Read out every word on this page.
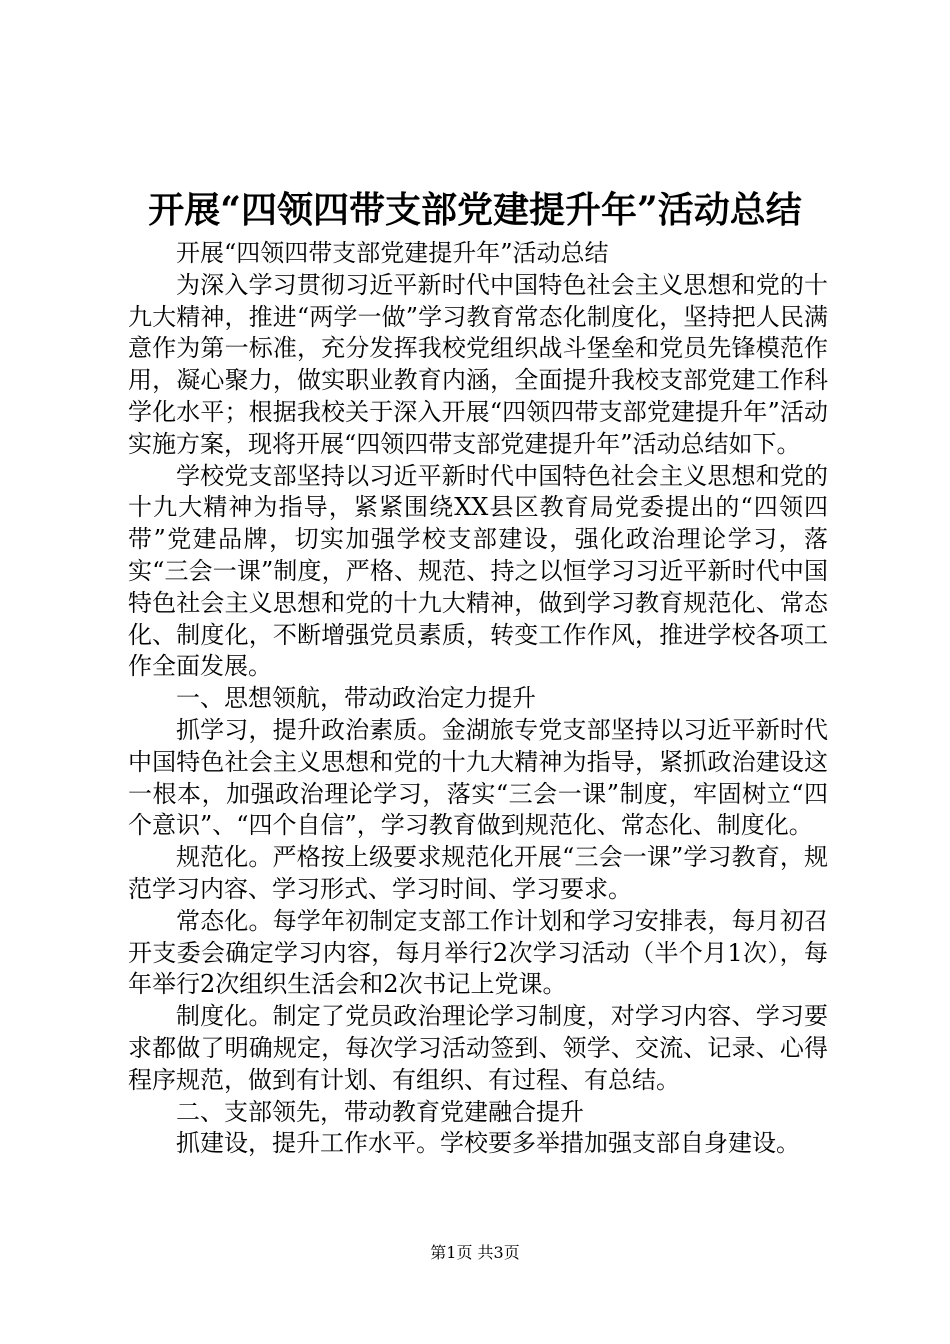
开展“四领四带支部党建提升年”活动总结

开展“四领四带支部党建提升年”活动总结

为深入学习贯彻习近平新时代中国特色社会主义思想和党的十九大精神，推进“两学一做”学习教育常态化制度化，坚持把人民满意作为第一标准，充分发挥我校党组织战斗堡垒和党员先锋模范作用，凝心聚力，做实职业教育内涵，全面提升我校支部党建工作科学化水平；根据我校关于深入开展“四领四带支部党建提升年”活动实施方案，现将开展“四领四带支部党建提升年”活动总结如下。

学校党支部坚持以习近平新时代中国特色社会主义思想和党的十九大精神为指导，紧紧围绕XX县区教育局党委提出的“四领四带”党建品牌，切实加强学校支部建设，强化政治理论学习，落实“三会一课”制度，严格、规范、持之以恒学习习近平新时代中国特色社会主义思想和党的十九大精神，做到学习教育规范化、常态化、制度化，不断增强党员素质，转变工作作风，推进学校各项工作全面发展。

一、思想领航，带动政治定力提升

抓学习，提升政治素质。金湖旅专党支部坚持以习近平新时代中国特色社会主义思想和党的十九大精神为指导，紧抓政治建设这一根本，加强政治理论学习，落实“三会一课”制度，牢固树立“四个意识”、“四个自信”，学习教育做到规范化、常态化、制度化。

规范化。严格按上级要求规范化开展“三会一课”学习教育，规范学习内容、学习形式、学习时间、学习要求。

常态化。每学年初制定支部工作计划和学习安排表，每月初召开支委会确定学习内容，每月举行2次学习活动（半个月1次），每年举行2次组织生活会和2次书记上党课。

制度化。制定了党员政治理论学习制度，对学习内容、学习要求都做了明确规定，每次学习活动签到、领学、交流、记录、心得程序规范，做到有计划、有组织、有过程、有总结。

二、支部领先，带动教育党建融合提升

抓建设，提升工作水平。学校要多举措加强支部自身建设。

第1页 共3页
